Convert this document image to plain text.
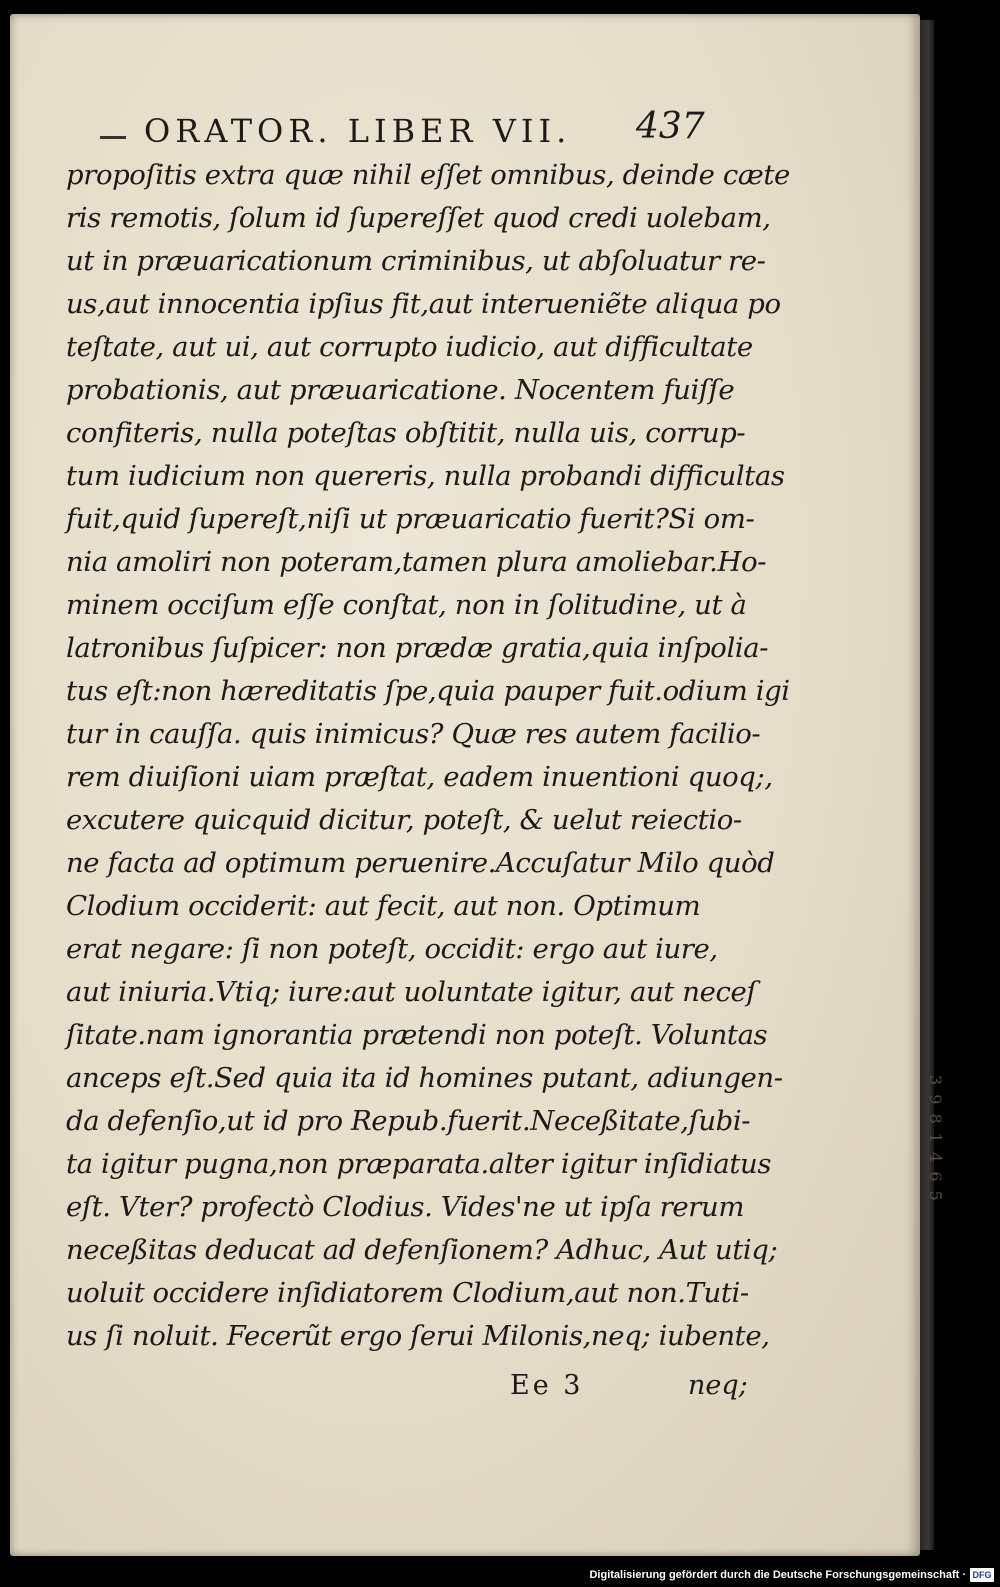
3 9 8 1 4 6 5
ORATOR. LIBER VII. 437
propoſitis extra quæ nihil eſſet omnibus, deinde cæte
ris remotis, ſolum id ſupereſſet quod credi uolebam,
ut in præuaricationum criminibus, ut abſoluatur re-
us,aut innocentia ipſius fit,aut interueniẽte aliqua po
teſtate, aut ui, aut corrupto iudicio, aut difficultate
probationis, aut præuaricatione. Nocentem fuiſſe
confiteris, nulla poteſtas obſtitit, nulla uis, corrup-
tum iudicium non quereris, nulla probandi difficultas
fuit,quid ſupereſt,niſi ut præuaricatio fuerit?Si om-
nia amoliri non poteram,tamen plura amoliebar.Ho-
minem occiſum eſſe conſtat, non in ſolitudine, ut à
latronibus ſuſpicer: non prædæ gratia,quia inſpolia-
tus eſt:non hæreditatis ſpe,quia pauper fuit.odium igi
tur in cauſſa. quis inimicus? Quæ res autem facilio-
rem diuiſioni uiam præſtat, eadem inuentioni quoq;,
excutere quicquid dicitur, poteſt, & uelut reiectio-
ne facta ad optimum peruenire.Accuſatur Milo quòd
Clodium occiderit: aut fecit, aut non. Optimum
erat negare: ſi non poteſt, occidit: ergo aut iure,
aut iniuria.Vtiq; iure:aut uoluntate igitur, aut neceſ
ſitate.nam ignorantia prætendi non poteſt. Voluntas
anceps eſt.Sed quia ita id homines putant, adiungen-
da defenſio,ut id pro Repub.fuerit.Neceßitate,ſubi-
ta igitur pugna,non præparata.alter igitur inſidiatus
eſt. Vter? profectò Clodius. Vides'ne ut ipſa rerum
neceßitas deducat ad defenſionem? Adhuc, Aut utiq;
uoluit occidere inſidiatorem Clodium,aut non.Tuti-
us ſi noluit. Fecerũt ergo ſerui Milonis,neq; iubente,
Ee 3	neq;
Digitalisierung gefördert durch die Deutsche Forschungsgemeinschaft · DFG
